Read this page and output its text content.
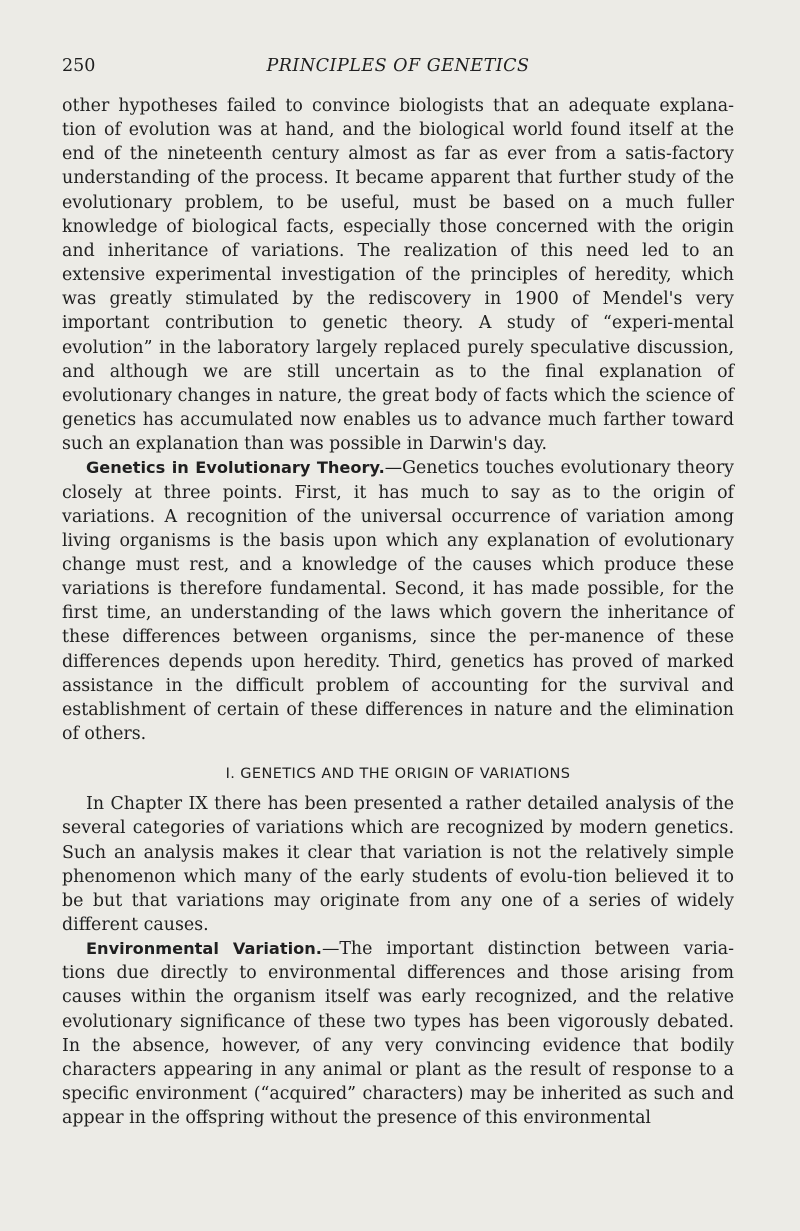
250	PRINCIPLES OF GENETICS

other hypotheses failed to convince biologists that an adequate explana-tion of evolution was at hand, and the biological world found itself at the end of the nineteenth century almost as far as ever from a satis-factory understanding of the process. It became apparent that further study of the evolutionary problem, to be useful, must be based on a much fuller knowledge of biological facts, especially those concerned with the origin and inheritance of variations. The realization of this need led to an extensive experimental investigation of the principles of heredity, which was greatly stimulated by the rediscovery in 1900 of Mendel's very important contribution to genetic theory. A study of “experi-mental evolution” in the laboratory largely replaced purely speculative discussion, and although we are still uncertain as to the final explanation of evolutionary changes in nature, the great body of facts which the science of genetics has accumulated now enables us to advance much farther toward such an explanation than was possible in Darwin's day.

Genetics in Evolutionary Theory.—Genetics touches evolutionary theory closely at three points. First, it has much to say as to the origin of variations. A recognition of the universal occurrence of variation among living organisms is the basis upon which any explanation of evolutionary change must rest, and a knowledge of the causes which produce these variations is therefore fundamental. Second, it has made possible, for the first time, an understanding of the laws which govern the inheritance of these differences between organisms, since the per-manence of these differences depends upon heredity. Third, genetics has proved of marked assistance in the difficult problem of accounting for the survival and establishment of certain of these differences in nature and the elimination of others.

I. GENETICS AND THE ORIGIN OF VARIATIONS

In Chapter IX there has been presented a rather detailed analysis of the several categories of variations which are recognized by modern genetics. Such an analysis makes it clear that variation is not the relatively simple phenomenon which many of the early students of evolu-tion believed it to be but that variations may originate from any one of a series of widely different causes.

Environmental Variation.—The important distinction between varia-tions due directly to environmental differences and those arising from causes within the organism itself was early recognized, and the relative evolutionary significance of these two types has been vigorously debated. In the absence, however, of any very convincing evidence that bodily characters appearing in any animal or plant as the result of response to a specific environment (“acquired” characters) may be inherited as such and appear in the offspring without the presence of this environmental
